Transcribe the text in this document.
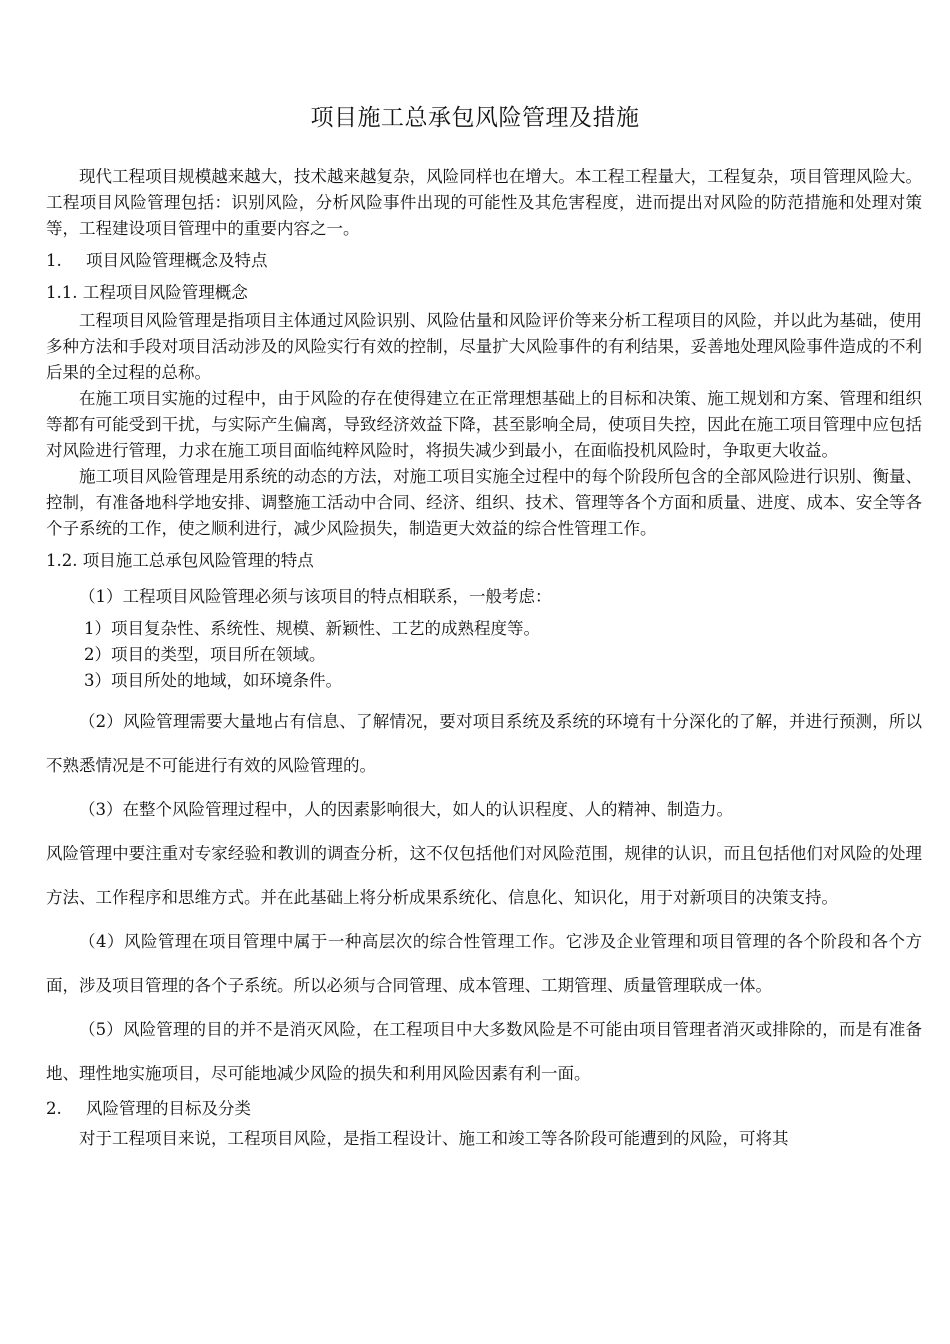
项目施工总承包风险管理及措施

现代工程项目规模越来越大，技术越来越复杂，风险同样也在增大。本工程工程量大，工程复杂，项目管理风险大。工程项目风险管理包括：识别风险，分析风险事件出现的可能性及其危害程度，进而提出对风险的防范措施和处理对策等，工程建设项目管理中的重要内容之一。

1. 项目风险管理概念及特点

1.1. 工程项目风险管理概念

工程项目风险管理是指项目主体通过风险识别、风险估量和风险评价等来分析工程项目的风险，并以此为基础，使用多种方法和手段对项目活动涉及的风险实行有效的控制，尽量扩大风险事件的有利结果，妥善地处理风险事件造成的不利后果的全过程的总称。

在施工项目实施的过程中，由于风险的存在使得建立在正常理想基础上的目标和决策、施工规划和方案、管理和组织等都有可能受到干扰，与实际产生偏离，导致经济效益下降，甚至影响全局，使项目失控，因此在施工项目管理中应包括对风险进行管理，力求在施工项目面临纯粹风险时，将损失减少到最小，在面临投机风险时，争取更大收益。

施工项目风险管理是用系统的动态的方法，对施工项目实施全过程中的每个阶段所包含的全部风险进行识别、衡量、控制，有准备地科学地安排、调整施工活动中合同、经济、组织、技术、管理等各个方面和质量、进度、成本、安全等各个子系统的工作，使之顺利进行，减少风险损失，制造更大效益的综合性管理工作。

1.2. 项目施工总承包风险管理的特点

（1）工程项目风险管理必须与该项目的特点相联系，一般考虑：

1）项目复杂性、系统性、规模、新颖性、工艺的成熟程度等。

2）项目的类型，项目所在领域。

3）项目所处的地域，如环境条件。

（2）风险管理需要大量地占有信息、了解情况，要对项目系统及系统的环境有十分深化的了解，并进行预测，所以不熟悉情况是不可能进行有效的风险管理的。

（3）在整个风险管理过程中，人的因素影响很大，如人的认识程度、人的精神、制造力。

风险管理中要注重对专家经验和教训的调查分析，这不仅包括他们对风险范围，规律的认识，而且包括他们对风险的处理方法、工作程序和思维方式。并在此基础上将分析成果系统化、信息化、知识化，用于对新项目的决策支持。

（4）风险管理在项目管理中属于一种高层次的综合性管理工作。它涉及企业管理和项目管理的各个阶段和各个方面，涉及项目管理的各个子系统。所以必须与合同管理、成本管理、工期管理、质量管理联成一体。

（5）风险管理的目的并不是消灭风险，在工程项目中大多数风险是不可能由项目管理者消灭或排除的，而是有准备地、理性地实施项目，尽可能地减少风险的损失和利用风险因素有利一面。

2. 风险管理的目标及分类

对于工程项目来说，工程项目风险，是指工程设计、施工和竣工等各阶段可能遭到的风险，可将其
